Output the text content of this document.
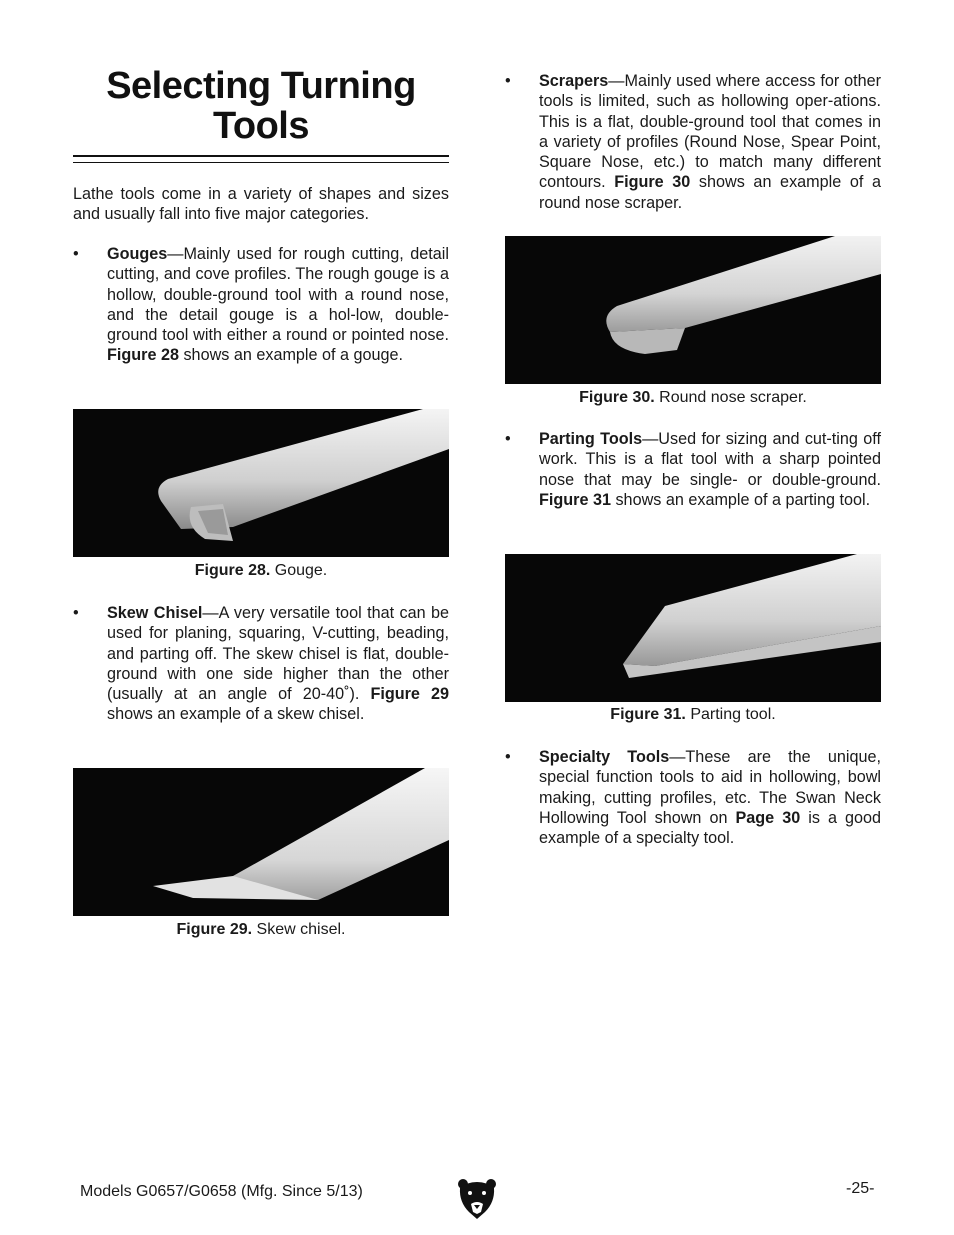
Selecting Turning Tools

Lathe tools come in a variety of shapes and sizes and usually fall into five major categories.

•	Gouges—Mainly used for rough cutting, detail cutting, and cove profiles. The rough gouge is a hollow, double-ground tool with a round nose, and the detail gouge is a hol-low, double-ground tool with either a round or pointed nose. Figure 28 shows an example of a gouge.
Figure 28. Gouge.
•	Skew Chisel—A very versatile tool that can be used for planing, squaring, V-cutting, beading, and parting off. The skew chisel is flat, double-ground with one side higher than the other (usually at an angle of 20-40˚). Figure 29 shows an example of a skew chisel.
Figure 29. Skew chisel.
•	Scrapers—Mainly used where access for other tools is limited, such as hollowing oper-ations. This is a flat, double-ground tool that comes in a variety of profiles (Round Nose, Spear Point, Square Nose, etc.) to match many different contours. Figure 30 shows an example of a round nose scraper.
Figure 30. Round nose scraper.
•	Parting Tools—Used for sizing and cut-ting off work. This is a flat tool with a sharp pointed nose that may be single- or double-ground. Figure 31 shows an example of a parting tool.
Figure 31. Parting tool.
•	Specialty Tools—These are the unique, special function tools to aid in hollowing, bowl making, cutting profiles, etc. The Swan Neck Hollowing Tool shown on Page 30 is a good example of a specialty tool.
Models G0657/G0658 (Mfg. Since 5/13)	-25-
